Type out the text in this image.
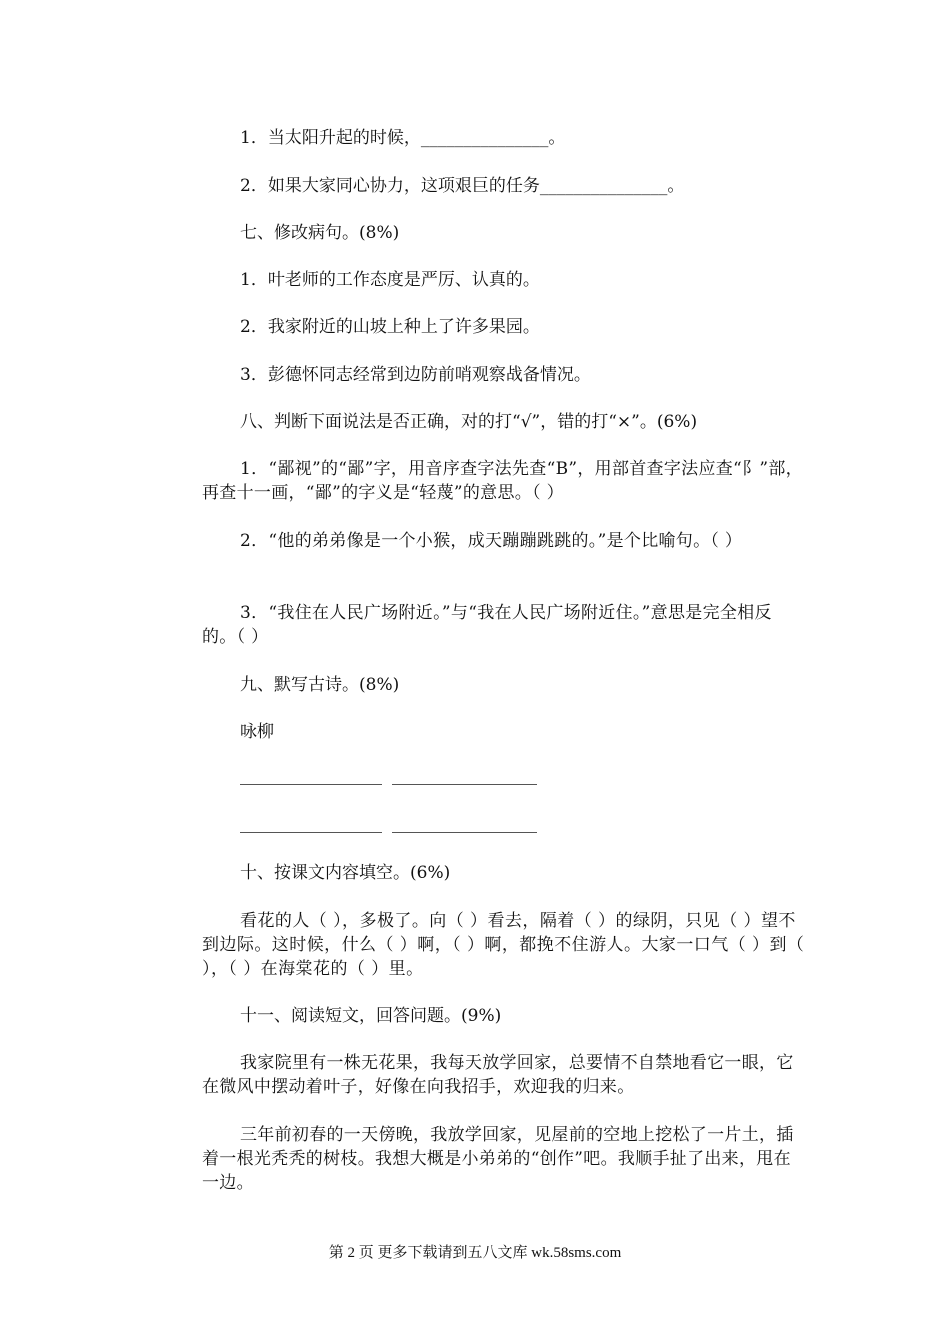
1．当太阳升起的时候，_______________。
2．如果大家同心协力，这项艰巨的任务_______________。
七、修改病句。(8%)
1．叶老师的工作态度是严厉、认真的。
2．我家附近的山坡上种上了许多果园。
3．彭德怀同志经常到边防前哨观察战备情况。
八、判断下面说法是否正确，对的打“√”，错的打“×”。(6%)
1．“鄙视”的“鄙”字，用音序查字法先查“B”，用部首查字法应查“阝”部，再查十一画，“鄙”的字义是“轻蔑”的意思。（ ）
2．“他的弟弟像是一个小猴，成天蹦蹦跳跳的。”是个比喻句。（ ）
3．“我住在人民广场附近。”与“我在人民广场附近住。”意思是完全相反的。（ ）
九、默写古诗。(8%)
咏柳
十、按课文内容填空。(6%)
看花的人（ ），多极了。向（ ）看去，隔着（ ）的绿阴，只见（ ）望不到边际。这时候，什么（ ）啊，（ ）啊，都挽不住游人。大家一口气（ ）到（ ），（ ）在海棠花的（ ）里。
十一、阅读短文，回答问题。(9%)
我家院里有一株无花果，我每天放学回家，总要情不自禁地看它一眼，它在微风中摆动着叶子，好像在向我招手，欢迎我的归来。
三年前初春的一天傍晚，我放学回家，见屋前的空地上挖松了一片土，插着一根光秃秃的树枝。我想大概是小弟弟的“创作”吧。我顺手扯了出来，甩在一边。
第 2 页 更多下载请到五八文库 wk.58sms.com
